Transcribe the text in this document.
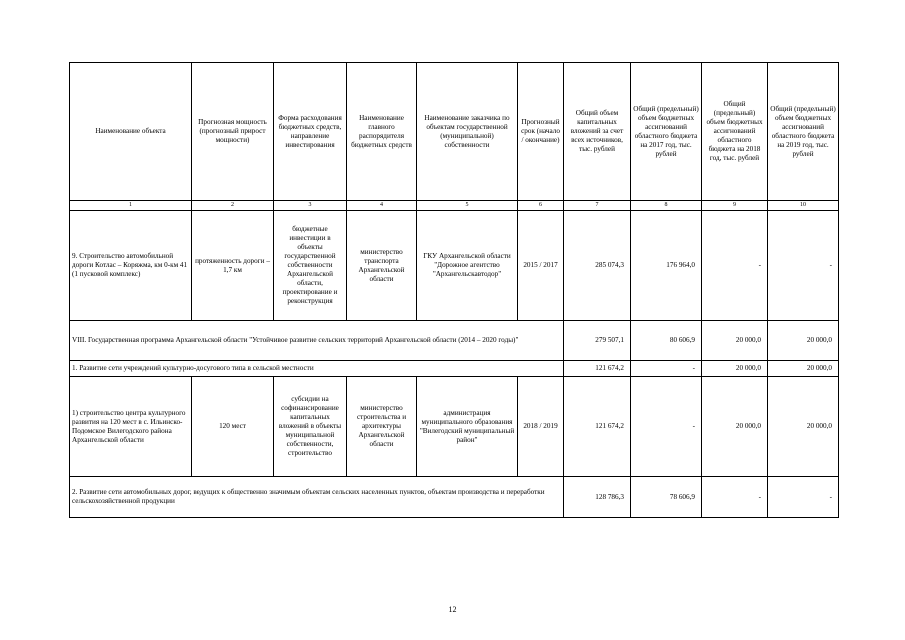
Наименование объекта	Прогнозная мощность (прогнозный прирост мощности)	Форма расходования бюджетных средств, направление инвестирования	Наименование главного распорядителя бюджетных средств	Наименование заказчика по объектам государственной (муниципальной) собственности	Прогнозный срок (начало / окончание)	Общий объем капитальных вложений за счет всех источников, тыс. рублей	Общий (предельный) объем бюджетных ассигнований областного бюджета на 2017 год, тыс. рублей	Общий (предельный) объем бюджетных ассигнований областного бюджета на 2018 год, тыс. рублей	Общий (предельный) объем бюджетных ассигнований областного бюджета на 2019 год, тыс. рублей
1	2	3	4	5	6	7	8	9	10
9. Строительство автомобильной дороги Котлас – Коряжма, км 0-км 41 (1 пусковой комплекс)	протяженность дороги – 1,7 км	бюджетные инвестиции в объекты государственной собственности Архангельской области, проектирование и реконструкция	министерство транспорта Архангельской области	ГКУ Архангельской области "Дорожное агентство "Архангельскавтодор"	2015 / 2017	285 074,3	176 964,0	-	-
VIII. Государственная программа Архангельской области "Устойчивое развитие сельских территорий Архангельской области (2014 – 2020 годы)"						279 507,1	80 606,9	20 000,0	20 000,0
1. Развитие сети учреждений культурно-досугового типа в сельской местности						121 674,2	-	20 000,0	20 000,0
1) строительство центра культурного развития на 120 мест в с. Ильинско-Подомское Вилегодского района Архангельской области	120 мест	субсидии на софинансирование капитальных вложений в объекты муниципальной собственности, строительство	министерство строительства и архитектуры Архангельской области	администрация муниципального образования "Вилегодский муниципальный район"	2018 / 2019	121 674,2	-	20 000,0	20 000,0
2. Развитие сети автомобильных дорог, ведущих к общественно значимым объектам сельских населенных пунктов, объектам производства и переработки сельскохозяйственной продукции						128 786,3	78 606,9	-	-
12
